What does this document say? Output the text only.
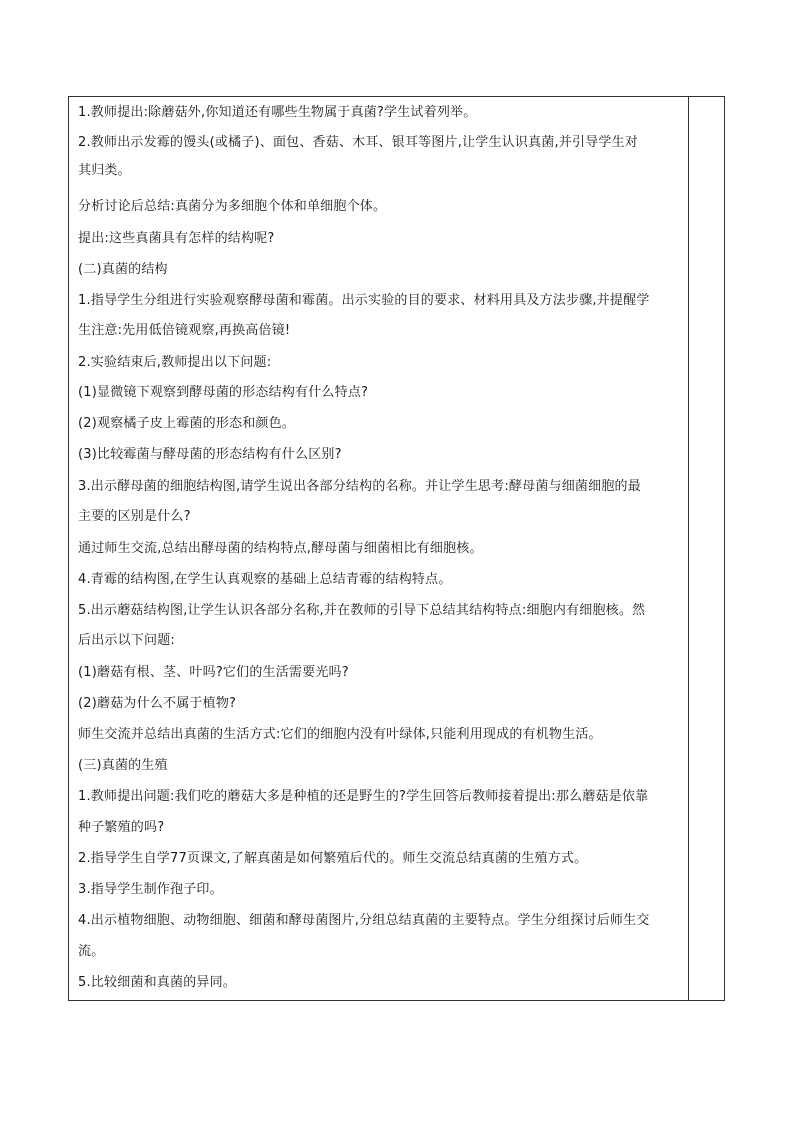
1.教师提出:除蘑菇外,你知道还有哪些生物属于真菌?学生试着列举。
2.教师出示发霉的馒头(或橘子)、面包、香菇、木耳、银耳等图片,让学生认识真菌,并引导学生对
其归类。
分析讨论后总结:真菌分为多细胞个体和单细胞个体。
提出:这些真菌具有怎样的结构呢?
(二)真菌的结构
1.指导学生分组进行实验观察酵母菌和霉菌。出示实验的目的要求、材料用具及方法步骤,并提醒学
生注意:先用低倍镜观察,再换高倍镜!
2.实验结束后,教师提出以下问题:
(1)显微镜下观察到酵母菌的形态结构有什么特点?
(2)观察橘子皮上霉菌的形态和颜色。
(3)比较霉菌与酵母菌的形态结构有什么区别?
3.出示酵母菌的细胞结构图,请学生说出各部分结构的名称。并让学生思考:酵母菌与细菌细胞的最
主要的区别是什么?
通过师生交流,总结出酵母菌的结构特点,酵母菌与细菌相比有细胞核。
4.青霉的结构图,在学生认真观察的基础上总结青霉的结构特点。
5.出示蘑菇结构图,让学生认识各部分名称,并在教师的引导下总结其结构特点:细胞内有细胞核。然
后出示以下问题:
(1)蘑菇有根、茎、叶吗?它们的生活需要光吗?
(2)蘑菇为什么不属于植物?
师生交流并总结出真菌的生活方式:它们的细胞内没有叶绿体,只能利用现成的有机物生活。
(三)真菌的生殖
1.教师提出问题:我们吃的蘑菇大多是种植的还是野生的?学生回答后教师接着提出:那么蘑菇是依靠
种子繁殖的吗?
2.指导学生自学77页课文,了解真菌是如何繁殖后代的。师生交流总结真菌的生殖方式。
3.指导学生制作孢子印。
4.出示植物细胞、动物细胞、细菌和酵母菌图片,分组总结真菌的主要特点。学生分组探讨后师生交
流。
5.比较细菌和真菌的异同。
